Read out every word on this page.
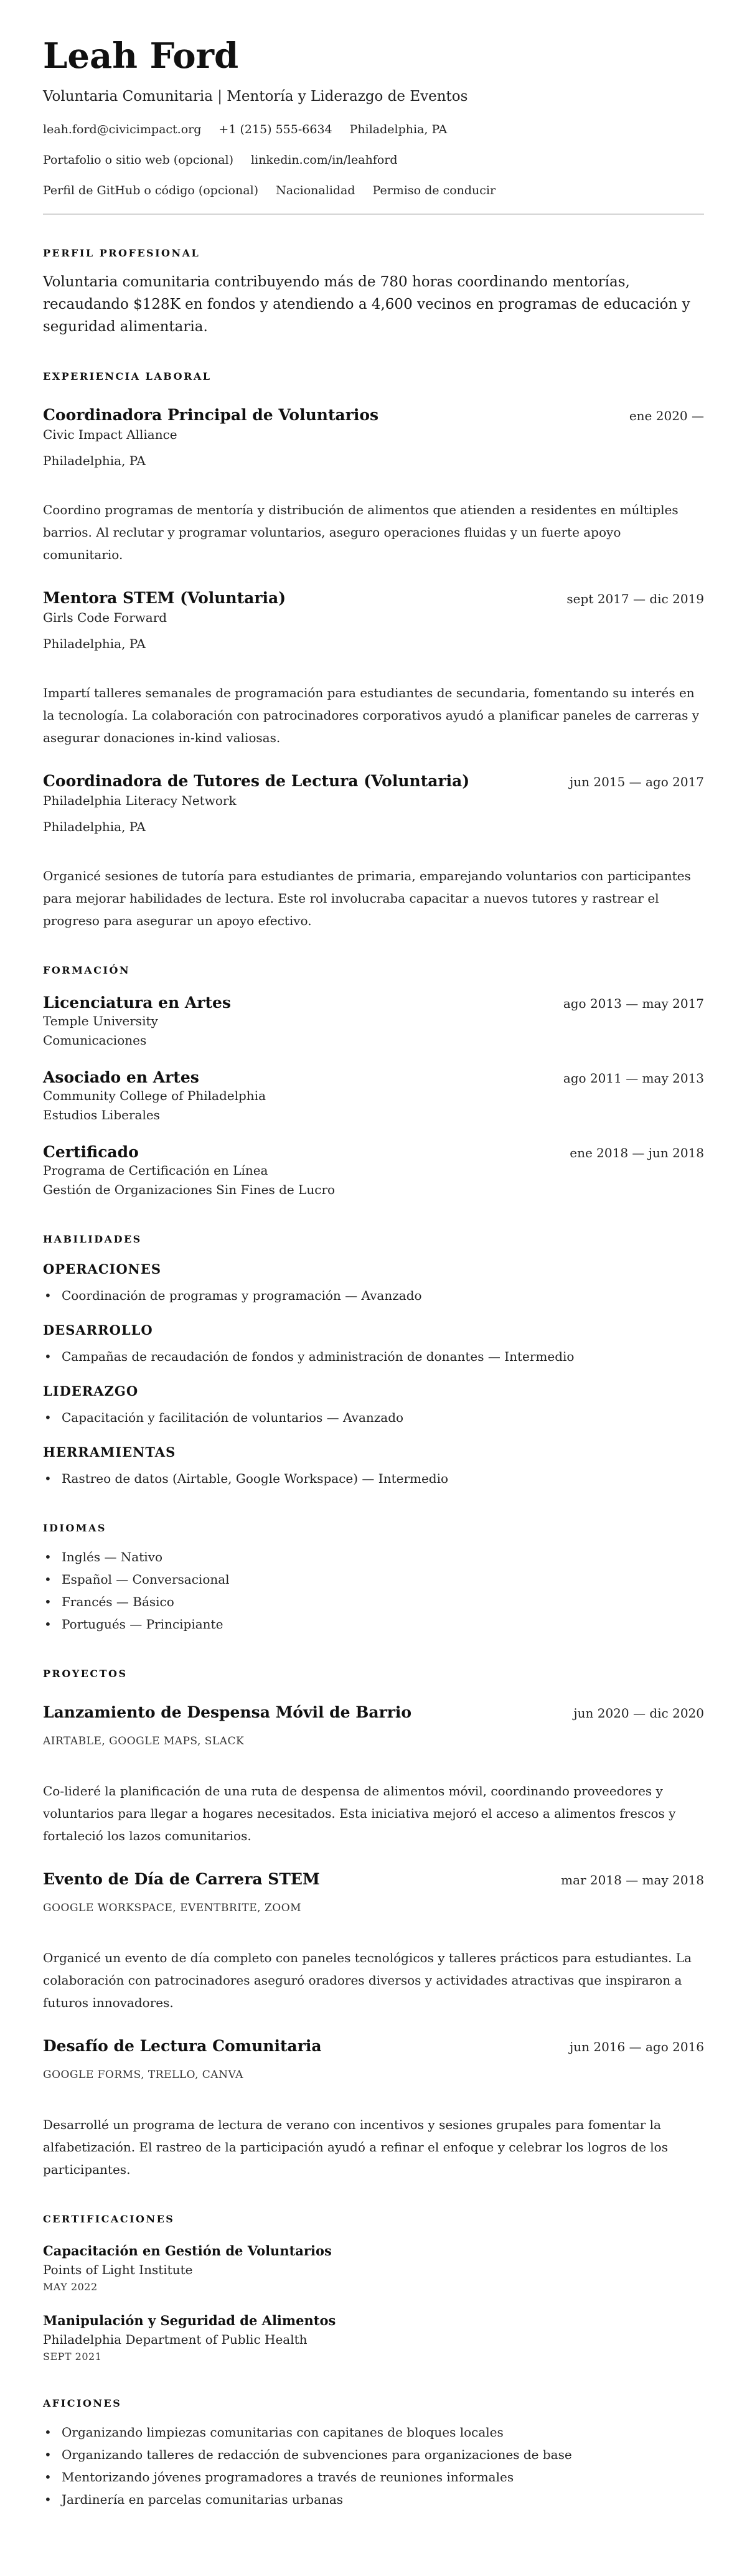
Leah Ford
Voluntaria Comunitaria | Mentoría y Liderazgo de Eventos
leah.ford@civicimpact.org +1 (215) 555-6634 Philadelphia, PA
Portafolio o sitio web (opcional) linkedin.com/in/leahford
Perfil de GitHub o código (opcional) Nacionalidad Permiso de conducir
PERFIL PROFESIONAL

Voluntaria comunitaria contribuyendo más de 780 horas coordinando mentorías, recaudando $128K en fondos y atendiendo a 4,600 vecinos en programas de educación y seguridad alimentaria.

EXPERIENCIA LABORAL
Coordinadora Principal de Voluntarios	ene 2020 —
Civic Impact Alliance
Philadelphia, PA

Coordino programas de mentoría y distribución de alimentos que atienden a residentes en múltiples barrios. Al reclutar y programar voluntarios, aseguro operaciones fluidas y un fuerte apoyo comunitario.

Mentora STEM (Voluntaria)	sept 2017 — dic 2019
Girls Code Forward
Philadelphia, PA

Impartí talleres semanales de programación para estudiantes de secundaria, fomentando su interés en la tecnología. La colaboración con patrocinadores corporativos ayudó a planificar paneles de carreras y asegurar donaciones in-kind valiosas.

Coordinadora de Tutores de Lectura (Voluntaria)	jun 2015 — ago 2017
Philadelphia Literacy Network
Philadelphia, PA

Organicé sesiones de tutoría para estudiantes de primaria, emparejando voluntarios con participantes para mejorar habilidades de lectura. Este rol involucraba capacitar a nuevos tutores y rastrear el progreso para asegurar un apoyo efectivo.

FORMACIÓN
Licenciatura en Artes	ago 2013 — may 2017
Temple University
Comunicaciones
Asociado en Artes	ago 2011 — may 2013
Community College of Philadelphia
Estudios Liberales
Certificado	ene 2018 — jun 2018
Programa de Certificación en Línea
Gestión de Organizaciones Sin Fines de Lucro
HABILIDADES
OPERACIONES
• Coordinación de programas y programación — Avanzado
DESARROLLO
• Campañas de recaudación de fondos y administración de donantes — Intermedio
LIDERAZGO
• Capacitación y facilitación de voluntarios — Avanzado
HERRAMIENTAS
• Rastreo de datos (Airtable, Google Workspace) — Intermedio
IDIOMAS
• Inglés — Nativo
• Español — Conversacional
• Francés — Básico
• Portugués — Principiante
PROYECTOS
Lanzamiento de Despensa Móvil de Barrio	jun 2020 — dic 2020
AIRTABLE, GOOGLE MAPS, SLACK

Co-lideré la planificación de una ruta de despensa de alimentos móvil, coordinando proveedores y voluntarios para llegar a hogares necesitados. Esta iniciativa mejoró el acceso a alimentos frescos y fortaleció los lazos comunitarios.

Evento de Día de Carrera STEM	mar 2018 — may 2018
GOOGLE WORKSPACE, EVENTBRITE, ZOOM

Organicé un evento de día completo con paneles tecnológicos y talleres prácticos para estudiantes. La colaboración con patrocinadores aseguró oradores diversos y actividades atractivas que inspiraron a futuros innovadores.

Desafío de Lectura Comunitaria	jun 2016 — ago 2016
GOOGLE FORMS, TRELLO, CANVA

Desarrollé un programa de lectura de verano con incentivos y sesiones grupales para fomentar la alfabetización. El rastreo de la participación ayudó a refinar el enfoque y celebrar los logros de los participantes.

CERTIFICACIONES
Capacitación en Gestión de Voluntarios
Points of Light Institute
MAY 2022
Manipulación y Seguridad de Alimentos
Philadelphia Department of Public Health
SEPT 2021
AFICIONES
• Organizando limpiezas comunitarias con capitanes de bloques locales
• Organizando talleres de redacción de subvenciones para organizaciones de base
• Mentorizando jóvenes programadores a través de reuniones informales
• Jardinería en parcelas comunitarias urbanas
